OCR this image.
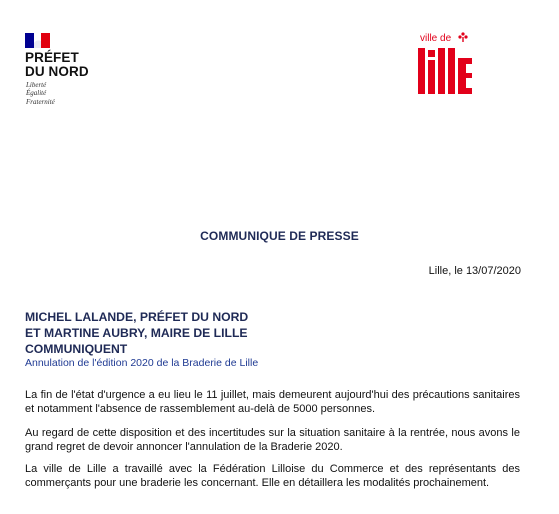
PRÉFET
DU NORD
Liberté
Égalité
Fraternité
ville de
COMMUNIQUE DE PRESSE
Lille, le 13/07/2020
MICHEL LALANDE, PRÉFET DU NORD
ET MARTINE AUBRY, MAIRE DE LILLE
COMMUNIQUENT
Annulation de l'édition 2020 de la Braderie de Lille
La fin de l'état d'urgence a eu lieu le 11 juillet, mais demeurent aujourd'hui des précautions sanitaires et notamment l'absence de rassemblement au-delà de 5000 personnes.
Au regard de cette disposition et des incertitudes sur la situation sanitaire à la rentrée, nous avons le grand regret de devoir annoncer l'annulation de la Braderie 2020.
La ville de Lille a travaillé avec la Fédération Lilloise du Commerce et des représentants des commerçants pour une braderie les concernant. Elle en détaillera les modalités prochainement.
